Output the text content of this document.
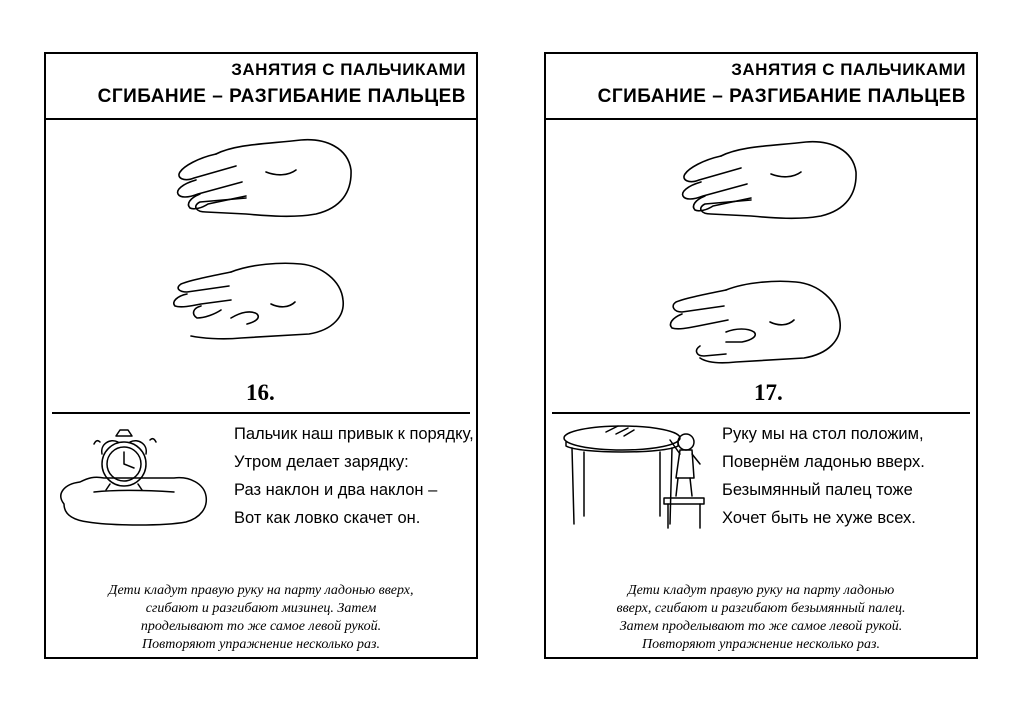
ЗАНЯТИЯ С ПАЛЬЧИКАМИ
СГИБАНИЕ – РАЗГИБАНИЕ ПАЛЬЦЕВ
16.
Пальчик наш привык к порядку,
Утром делает зарядку:
Раз наклон и два наклон –
Вот как ловко скачет он.
Дети кладут правую руку на парту ладонью вверх,
сгибают и разгибают мизинец. Затем
проделывают то же самое левой рукой.
Повторяют упражнение несколько раз.
ЗАНЯТИЯ С ПАЛЬЧИКАМИ
СГИБАНИЕ – РАЗГИБАНИЕ ПАЛЬЦЕВ
17.
Руку мы на стол положим,
Повернём ладонью вверх.
Безымянный палец тоже
Хочет быть не хуже всех.
Дети кладут правую руку на парту ладонью
вверх, сгибают и разгибают безымянный палец.
Затем проделывают то же самое левой рукой.
Повторяют упражнение несколько раз.
